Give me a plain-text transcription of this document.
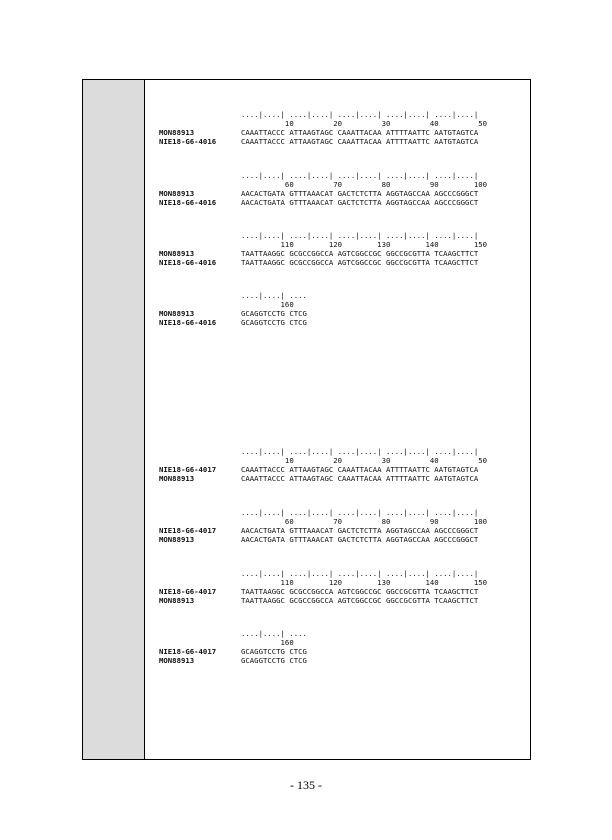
....|....| ....|....| ....|....| ....|....| ....|....|
10         20         30         40         50
MON88913	CAAATTACCC ATTAAGTAGC CAAATTACAA ATTTTAATTC AATGTAGTCA
NIE18-G6-4016	CAAATTACCC ATTAAGTAGC CAAATTACAA ATTTTAATTC AATGTAGTCA
....|....| ....|....| ....|....| ....|....| ....|....|
60         70         80         90        100
MON88913	AACACTGATA GTTTAAACAT GACTCTCTTA AGGTAGCCAA AGCCCGGGCT
NIE18-G6-4016	AACACTGATA GTTTAAACAT GACTCTCTTA AGGTAGCCAA AGCCCGGGCT
....|....| ....|....| ....|....| ....|....| ....|....|
110        120        130        140        150
MON88913	TAATTAAGGC GCGCCGGCCA AGTCGGCCGC GGCCGCGTTA TCAAGCTTCT
NIE18-G6-4016	TAATTAAGGC GCGCCGGCCA AGTCGGCCGC GGCCGCGTTA TCAAGCTTCT
....|....| ....
160
MON88913	GCAGGTCCTG CTCG
NIE18-G6-4016	GCAGGTCCTG CTCG
....|....| ....|....| ....|....| ....|....| ....|....|
10         20         30         40         50
NIE18-G6-4017	CAAATTACCC ATTAAGTAGC CAAATTACAA ATTTTAATTC AATGTAGTCA
MON88913	CAAATTACCC ATTAAGTAGC CAAATTACAA ATTTTAATTC AATGTAGTCA
....|....| ....|....| ....|....| ....|....| ....|....|
60         70         80         90        100
NIE18-G6-4017	AACACTGATA GTTTAAACAT GACTCTCTTA AGGTAGCCAA AGCCCGGGCT
MON88913	AACACTGATA GTTTAAACAT GACTCTCTTA AGGTAGCCAA AGCCCGGGCT
....|....| ....|....| ....|....| ....|....| ....|....|
110        120        130        140        150
NIE18-G6-4017	TAATTAAGGC GCGCCGGCCA AGTCGGCCGC GGCCGCGTTA TCAAGCTTCT
MON88913	TAATTAAGGC GCGCCGGCCA AGTCGGCCGC GGCCGCGTTA TCAAGCTTCT
....|....| ....
160
NIE18-G6-4017	GCAGGTCCTG CTCG
MON88913	GCAGGTCCTG CTCG
- 135 -
